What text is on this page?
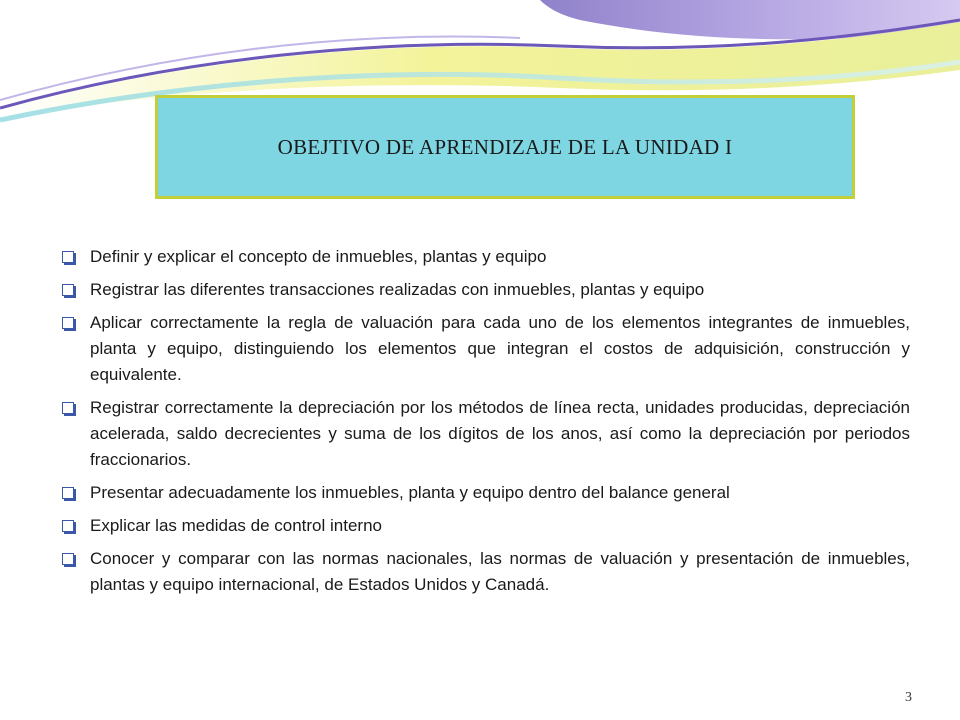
OBEJTIVO DE APRENDIZAJE DE LA UNIDAD I
Definir y explicar el concepto de inmuebles, plantas y equipo
Registrar las diferentes transacciones realizadas con inmuebles, plantas y equipo
Aplicar correctamente la regla de valuación para cada uno de los elementos integrantes de inmuebles, planta y equipo, distinguiendo los elementos que integran el costos de adquisición, construcción y equivalente.
Registrar correctamente la depreciación por los métodos de línea recta, unidades producidas, depreciación acelerada, saldo decrecientes y suma de los dígitos de los anos, así como la depreciación por periodos fraccionarios.
Presentar adecuadamente los inmuebles, planta y equipo dentro del balance general
Explicar las medidas de control interno
Conocer y comparar con las normas nacionales, las normas de valuación y presentación de inmuebles, plantas y equipo internacional, de Estados Unidos y Canadá.
3
